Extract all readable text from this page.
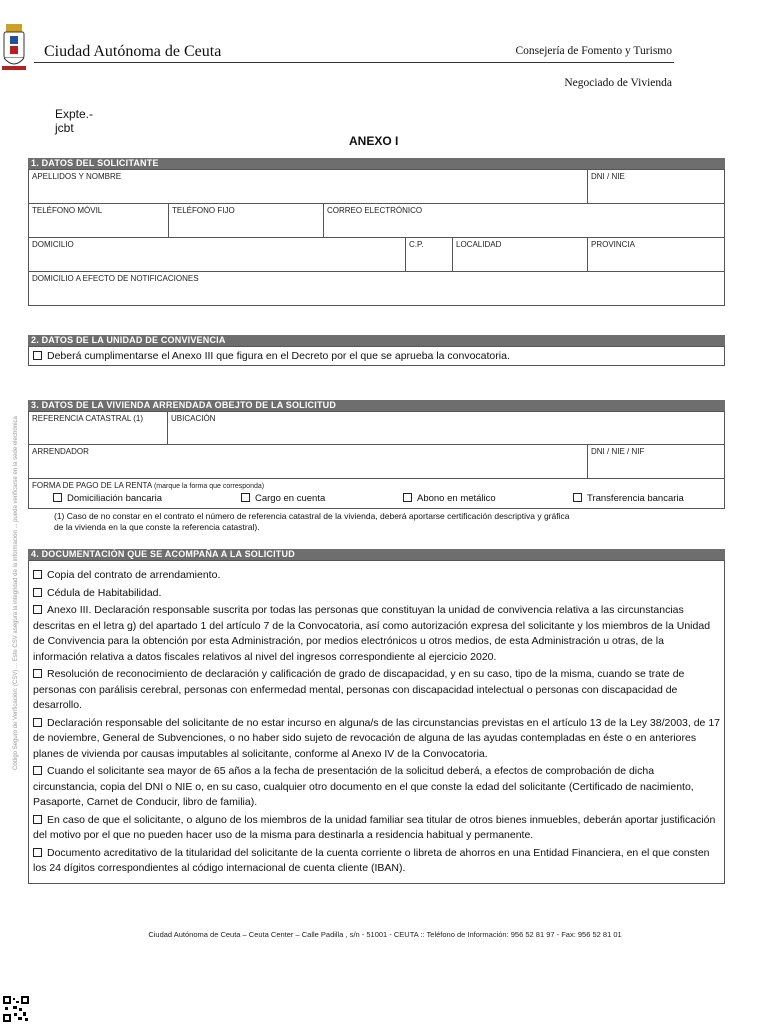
Ciudad Autónoma de Ceuta	Consejería de Fomento y Turismo
Negociado de Vivienda
Expte.-
jcbt
ANEXO I
Código Seguro de Verificación: (CSV) ... Este CSV asegura la integridad de la información ... puede verificarse en la sede electrónica
1. DATOS DEL SOLICITANTE
APELLIDOS Y NOMBRE	DNI / NIE
TELÉFONO MÓVIL	TELÉFONO FIJO	CORREO ELECTRÓNICO
DOMICILIO	C.P.	LOCALIDAD	PROVINCIA
DOMICILIO A EFECTO DE NOTIFICACIONES
2. DATOS DE LA UNIDAD DE CONVIVENCIA
Deberá cumplimentarse el Anexo III que figura en el Decreto por el que se aprueba la convocatoria.
3. DATOS DE LA VIVIENDA ARRENDADA OBEJTO DE LA SOLICITUD
REFERENCIA CATASTRAL (1)	UBICACIÓN
ARRENDADOR	DNI / NIE / NIF
FORMA DE PAGO DE LA RENTA (marque la forma que corresponda)
Domiciliación bancaria	Cargo en cuenta	Abono en metálico	Transferencia bancaria
(1) Caso de no constar en el contrato el número de referencia catastral de la vivienda, deberá aportarse certificación descriptiva y gráfica
de la vivienda en la que conste la referencia catastral).
4. DOCUMENTACIÓN QUE SE ACOMPAÑA A LA SOLICITUD

Copia del contrato de arrendamiento.

Cédula de Habitabilidad.

Anexo III. Declaración responsable suscrita por todas las personas que constituyan la unidad de convivencia relativa a las circunstancias descritas en el letra g) del apartado 1 del artículo 7 de la Convocatoria, así como autorización expresa del solicitante y los miembros de la Unidad de Convivencia para la obtención por esta Administración, por medios electrónicos u otros medios, de esta Administración u otras, de la información relativa a datos fiscales relativos al nivel del ingresos correspondiente al ejercicio 2020.

Resolución de reconocimiento de declaración y calificación de grado de discapacidad, y en su caso, tipo de la misma, cuando se trate de personas con parálisis cerebral, personas con enfermedad mental, personas con discapacidad intelectual o personas con discapacidad de desarrollo.

Declaración responsable del solicitante de no estar incurso en alguna/s de las circunstancias previstas en el artículo 13 de la Ley 38/2003, de 17 de noviembre, General de Subvenciones, o no haber sido sujeto de revocación de alguna de las ayudas contempladas en éste o en anteriores planes de vivienda por causas imputables al solicitante, conforme al Anexo IV de la Convocatoria.

Cuando el solicitante sea mayor de 65 años a la fecha de presentación de la solicitud deberá, a efectos de comprobación de dicha circunstancia, copia del DNI o NIE o, en su caso, cualquier otro documento en el que conste la edad del solicitante (Certificado de nacimiento, Pasaporte, Carnet de Conducir, libro de familia).

En caso de que el solicitante, o alguno de los miembros de la unidad familiar sea titular de otros bienes inmuebles, deberán aportar justificación del motivo por el que no pueden hacer uso de la misma para destinarla a residencia habitual y permanente.

Documento acreditativo de la titularidad del solicitante de la cuenta corriente o libreta de ahorros en una Entidad Financiera, en el que consten los 24 dígitos correspondientes al código internacional de cuenta cliente (IBAN).

Ciudad Autónoma de Ceuta – Ceuta Center – Calle Padilla , s/n - 51001 - CEUTA :: Teléfono de Información: 956 52 81 97 - Fax: 956 52 81 01
